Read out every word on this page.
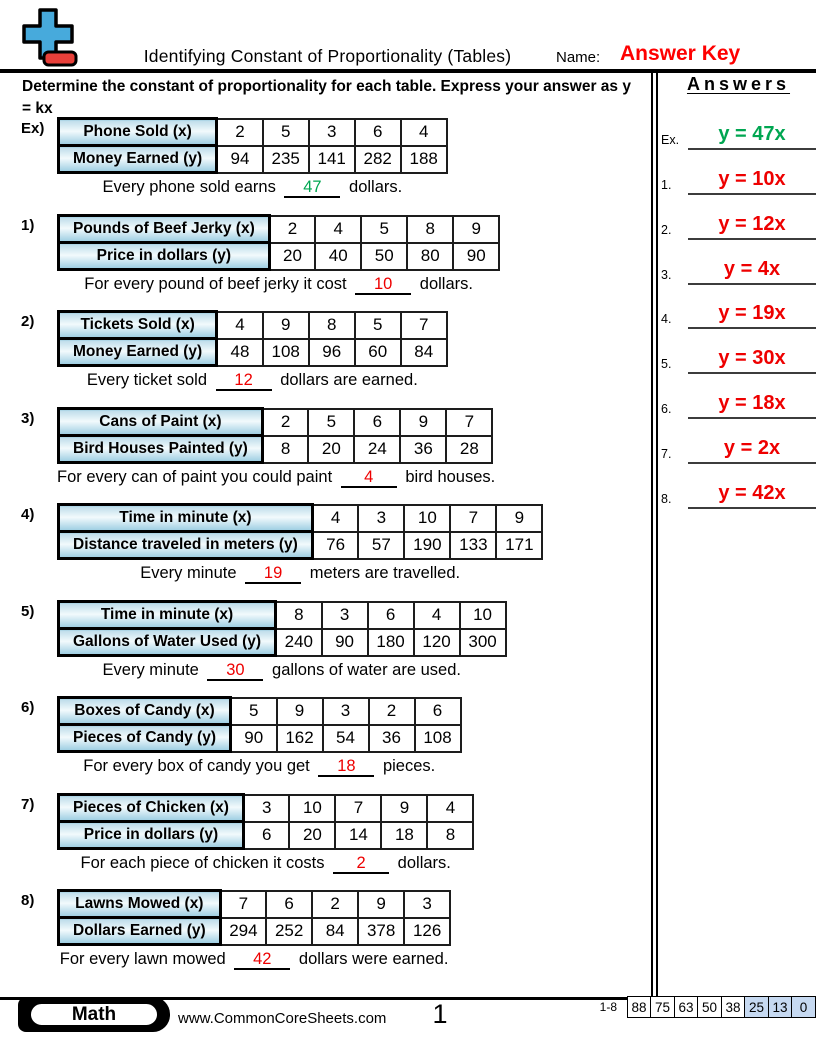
Identifying Constant of Proportionality (Tables)	Name: Answer Key
Determine the constant of proportionality for each table. Express your answer as y = kx
Answers
Ex.	y = 47x
1.	y = 10x
2.	y = 12x
3.	y = 4x
4.	y = 19x
5.	y = 30x
6.	y = 18x
7.	y = 2x
8.	y = 42x
Ex)	Phone Sold (x)	2	5	3	6	4
Money Earned (y)	94	235	141	282	188

Every phone sold earns 47 dollars.

1) Pounds of Beef Jerky (x)	2	4	5	8	9
Price in dollars (y)	20	40	50	80	90

For every pound of beef jerky it cost 10 dollars.

2)	Tickets Sold (x)	4	9	8	5	7
Money Earned (y)	48	108	96	60	84

Every ticket sold 12 dollars are earned.

3)	Cans of Paint (x)	2	5	6	9	7
Bird Houses Painted (y)	8	20	24	36	28

For every can of paint you could paint 4 bird houses.

4)	Time in minute (x)	4	3	10	7	9
Distance traveled in meters (y)	76	57	190	133	171

Every minute 19 meters are travelled.

5)	Time in minute (x)	8	3	6	4	10
Gallons of Water Used (y)	240	90	180	120	300

Every minute 30 gallons of water are used.

6)	Boxes of Candy (x)	5	9	3	2	6
Pieces of Candy (y)	90	162	54	36	108

For every box of candy you get 18 pieces.

7) Pieces of Chicken (x)	3	10	7	9	4
Price in dollars (y)	6	20	14	18	8

For each piece of chicken it costs 2 dollars.

8)	Lawns Mowed (x)	7	6	2	9	3
Dollars Earned (y)	294	252	84	378	126

For every lawn mowed 42 dollars were earned.

Math	www.CommonCoreSheets.com	1	1-8	88 75 63 50 38 25 13 0
